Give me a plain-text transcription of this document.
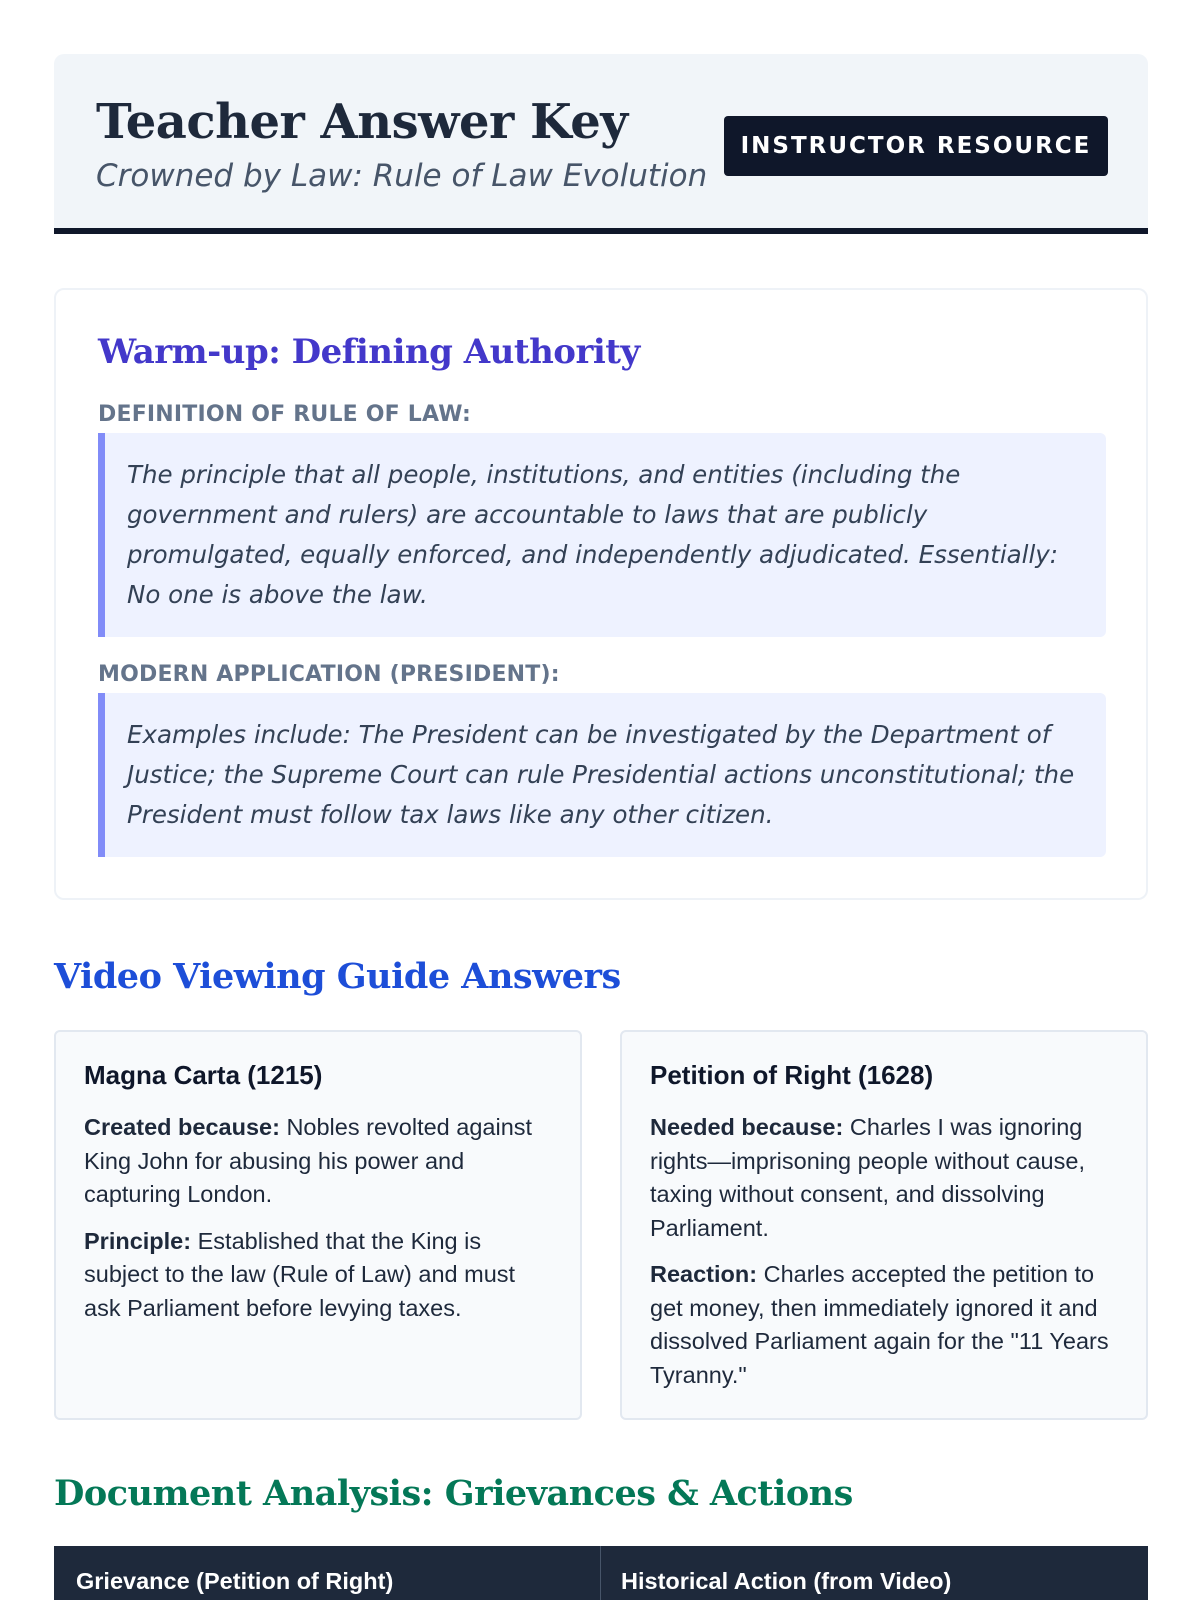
Teacher Answer Key
Crowned by Law: Rule of Law Evolution
INSTRUCTOR RESOURCE
Warm-up: Defining Authority
DEFINITION OF RULE OF LAW:
The principle that all people, institutions, and entities (including the government and rulers) are accountable to laws that are publicly promulgated, equally enforced, and independently adjudicated. Essentially: No one is above the law.
MODERN APPLICATION (PRESIDENT):
Examples include: The President can be investigated by the Department of Justice; the Supreme Court can rule Presidential actions unconstitutional; the President must follow tax laws like any other citizen.
Video Viewing Guide Answers
Magna Carta (1215)

Created because: Nobles revolted against King John for abusing his power and capturing London.

Principle: Established that the King is subject to the law (Rule of Law) and must ask Parliament before levying taxes.

Petition of Right (1628)

Needed because: Charles I was ignoring rights—imprisoning people without cause, taxing without consent, and dissolving Parliament.

Reaction: Charles accepted the petition to get money, then immediately ignored it and dissolved Parliament again for the "11 Years Tyranny."

Document Analysis: Grievances & Actions
Grievance (Petition of Right)	Historical Action (from Video)
